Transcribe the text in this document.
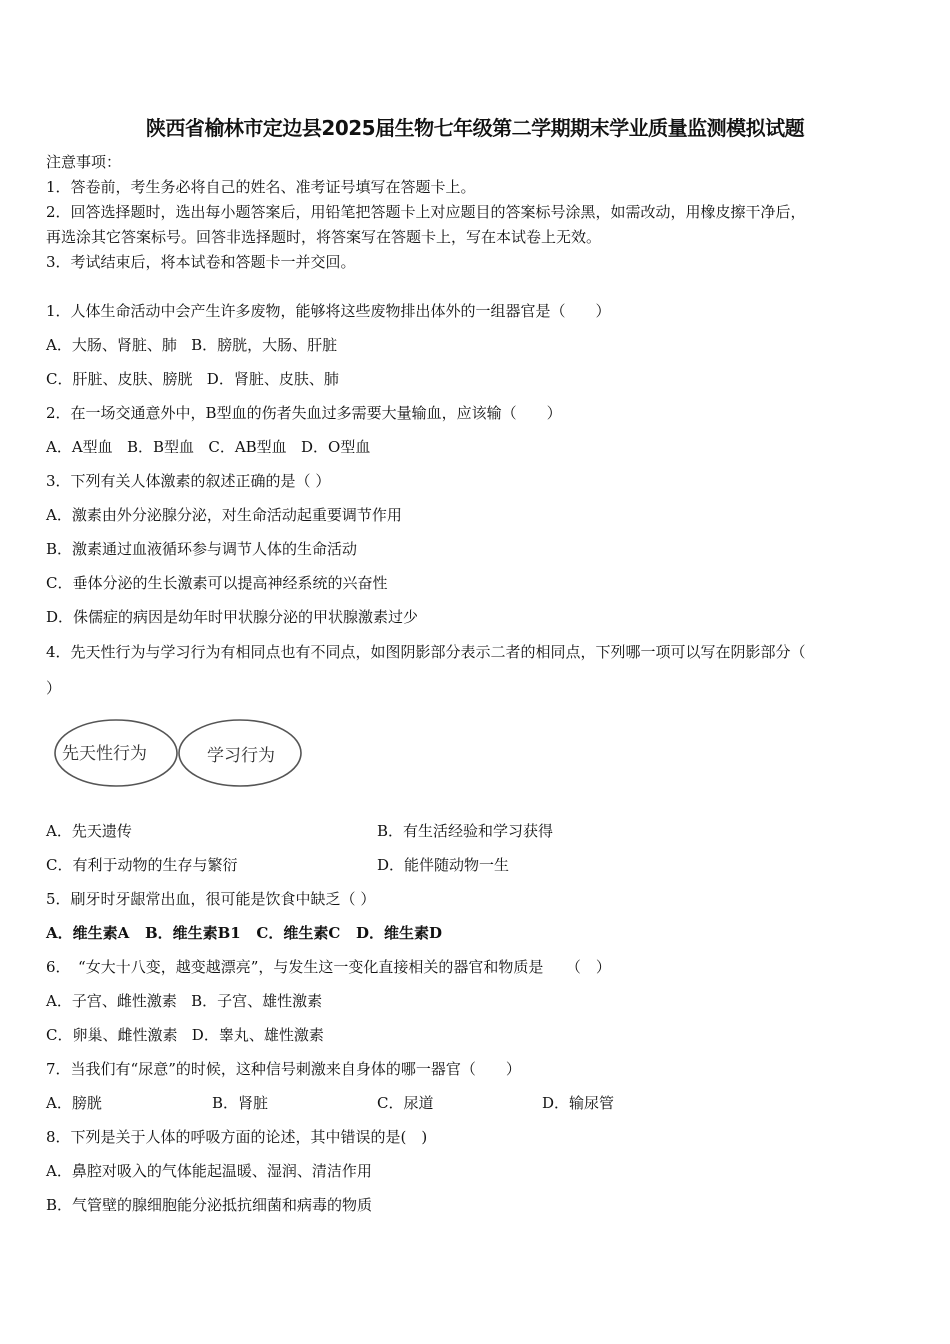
陕西省榆林市定边县2025届生物七年级第二学期期末学业质量监测模拟试题
注意事项：
1．答卷前，考生务必将自己的姓名、准考证号填写在答题卡上。
2．回答选择题时，选出每小题答案后，用铅笔把答题卡上对应题目的答案标号涂黑，如需改动，用橡皮擦干净后，
再选涂其它答案标号。回答非选择题时，将答案写在答题卡上，写在本试卷上无效。
3．考试结束后，将本试卷和答题卡一并交回。
1．人体生命活动中会产生许多废物，能够将这些废物排出体外的一组器官是（　　）
A．大肠、肾脏、肺 B．膀胱，大肠、肝脏
C．肝脏、皮肤、膀胱 D．肾脏、皮肤、肺
2．在一场交通意外中，B型血的伤者失血过多需要大量输血，应该输（　　）
A．A型血 B．B型血 C．AB型血 D．O型血
3．下列有关人体激素的叙述正确的是（ ）
A．激素由外分泌腺分泌，对生命活动起重要调节作用
B．激素通过血液循环参与调节人体的生命活动
C．垂体分泌的生长激素可以提高神经系统的兴奋性
D．侏儒症的病因是幼年时甲状腺分泌的甲状腺激素过少
4．先天性行为与学习行为有相同点也有不同点，如图阴影部分表示二者的相同点，下列哪一项可以写在阴影部分（
）
先天性行为	学习行为
A．先天遗传	B．有生活经验和学习获得
C．有利于动物的生存与繁衍	D．能伴随动物一生
5．刷牙时牙龈常出血，很可能是饮食中缺乏（ ）
A．维生素A B．维生素B1 C．维生素C D．维生素D
6．　“女大十八变，越变越漂亮”，与发生这一变化直接相关的器官和物质是　　（　）
A．子宫、雌性激素 B．子宫、雄性激素
C．卵巢、雌性激素 D．睾丸、雄性激素
7．当我们有“尿意”的时候，这种信号刺激来自身体的哪一器官（　　）
A．膀胱	B．肾脏	C．尿道	D．输尿管
8．下列是关于人体的呼吸方面的论述，其中错误的是(　)
A．鼻腔对吸入的气体能起温暖、湿润、清洁作用
B．气管壁的腺细胞能分泌抵抗细菌和病毒的物质
